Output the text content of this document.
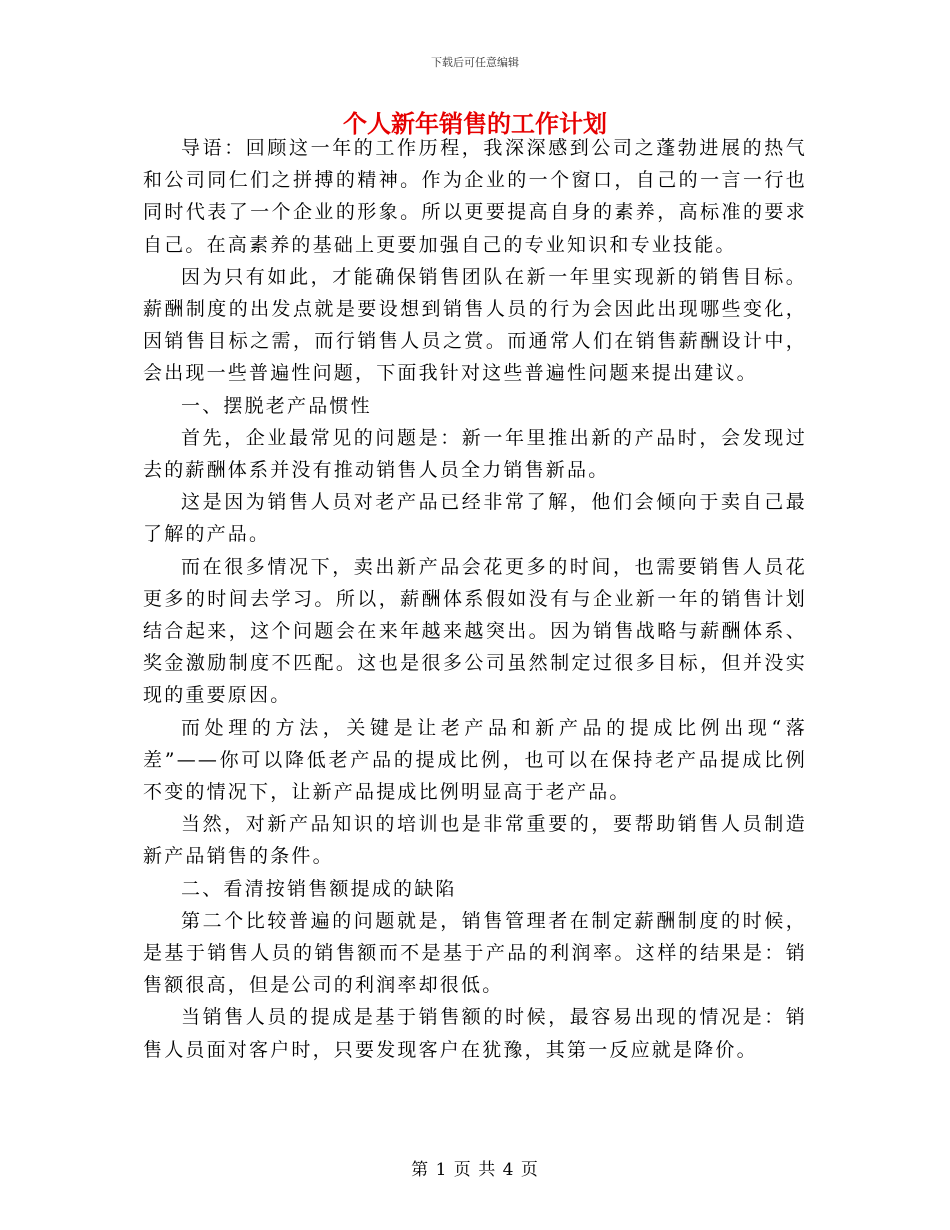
下载后可任意编辑
个人新年销售的工作计划

导语：回顾这一年的工作历程，我深深感到公司之蓬勃进展的热气和公司同仁们之拼搏的精神。作为企业的一个窗口，自己的一言一行也同时代表了一个企业的形象。所以更要提高自身的素养，高标准的要求自己。在高素养的基础上更要加强自己的专业知识和专业技能。

因为只有如此，才能确保销售团队在新一年里实现新的销售目标。薪酬制度的出发点就是要设想到销售人员的行为会因此出现哪些变化，因销售目标之需，而行销售人员之赏。而通常人们在销售薪酬设计中，会出现一些普遍性问题，下面我针对这些普遍性问题来提出建议。

一、摆脱老产品惯性

首先，企业最常见的问题是：新一年里推出新的产品时，会发现过去的薪酬体系并没有推动销售人员全力销售新品。

这是因为销售人员对老产品已经非常了解，他们会倾向于卖自己最了解的产品。

而在很多情况下，卖出新产品会花更多的时间，也需要销售人员花更多的时间去学习。所以，薪酬体系假如没有与企业新一年的销售计划结合起来，这个问题会在来年越来越突出。因为销售战略与薪酬体系、奖金激励制度不匹配。这也是很多公司虽然制定过很多目标，但并没实现的重要原因。

而处理的方法，关键是让老产品和新产品的提成比例出现“落差”——你可以降低老产品的提成比例，也可以在保持老产品提成比例不变的情况下，让新产品提成比例明显高于老产品。

当然，对新产品知识的培训也是非常重要的，要帮助销售人员制造新产品销售的条件。

二、看清按销售额提成的缺陷

第二个比较普遍的问题就是，销售管理者在制定薪酬制度的时候，是基于销售人员的销售额而不是基于产品的利润率。这样的结果是：销售额很高，但是公司的利润率却很低。

当销售人员的提成是基于销售额的时候，最容易出现的情况是：销售人员面对客户时，只要发现客户在犹豫，其第一反应就是降价。

第 1 页 共 4 页
